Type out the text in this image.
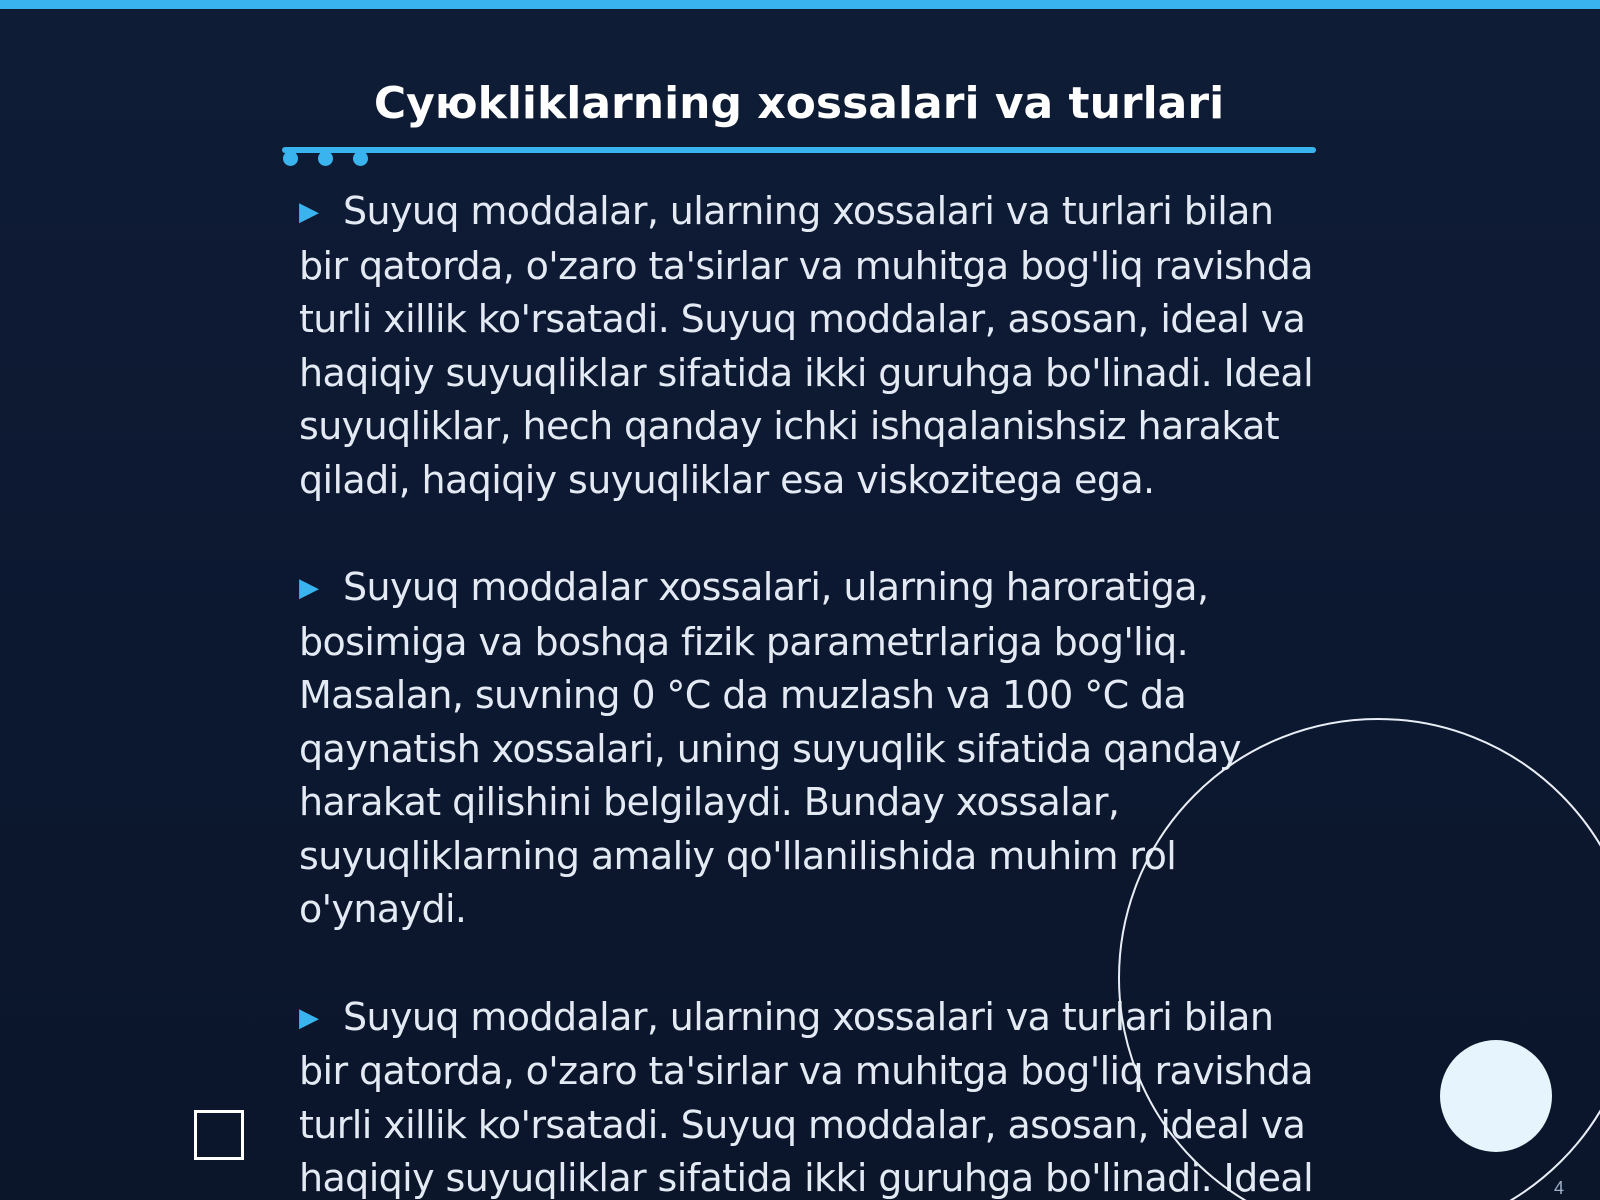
Суюkliklarning xossalari va turlari

▶ Suyuq moddalar, ularning xossalari va turlari bilan bir qatorda, o'zaro ta'sirlar va muhitga bog'liq ravishda turli xillik ko'rsatadi. Suyuq moddalar, asosan, ideal va haqiqiy suyuqliklar sifatida ikki guruhga bo'linadi. Ideal suyuqliklar, hech qanday ichki ishqalanishsiz harakat qiladi, haqiqiy suyuqliklar esa viskozitega ega.

▶ Suyuq moddalar xossalari, ularning haroratiga, bosimiga va boshqa fizik parametrlariga bog'liq. Masalan, suvning 0 °C da muzlash va 100 °C da qaynatish xossalari, uning suyuqlik sifatida qanday harakat qilishini belgilaydi. Bunday xossalar, suyuqliklarning amaliy qo'llanilishida muhim rol o'ynaydi.

▶ Suyuq moddalar, ularning xossalari va turlari bilan bir qatorda, o'zaro ta'sirlar va muhitga bog'liq ravishda turli xillik ko'rsatadi. Suyuq moddalar, asosan, ideal va haqiqiy suyuqliklar sifatida ikki guruhga bo'linadi. Ideal	4
